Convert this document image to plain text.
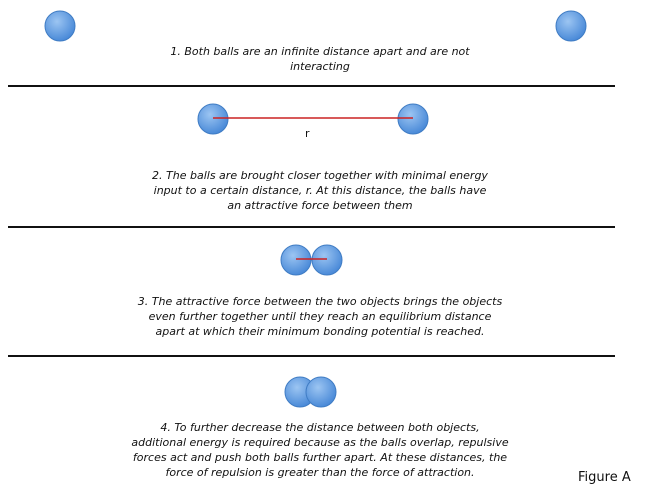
r
1. Both balls are an infinite distance apart and are not
interacting
2. The balls are brought closer together with minimal energy
input to a certain distance, r. At this distance, the balls have
an attractive force between them
3. The attractive force between the two objects brings the objects
even further together until they reach an equilibrium distance
apart at which their minimum bonding potential is reached.
4. To further decrease the distance between both objects,
additional energy is required because as the balls overlap, repulsive
forces act and push both balls further apart. At these distances, the
force of repulsion is greater than the force of attraction.	Figure A
